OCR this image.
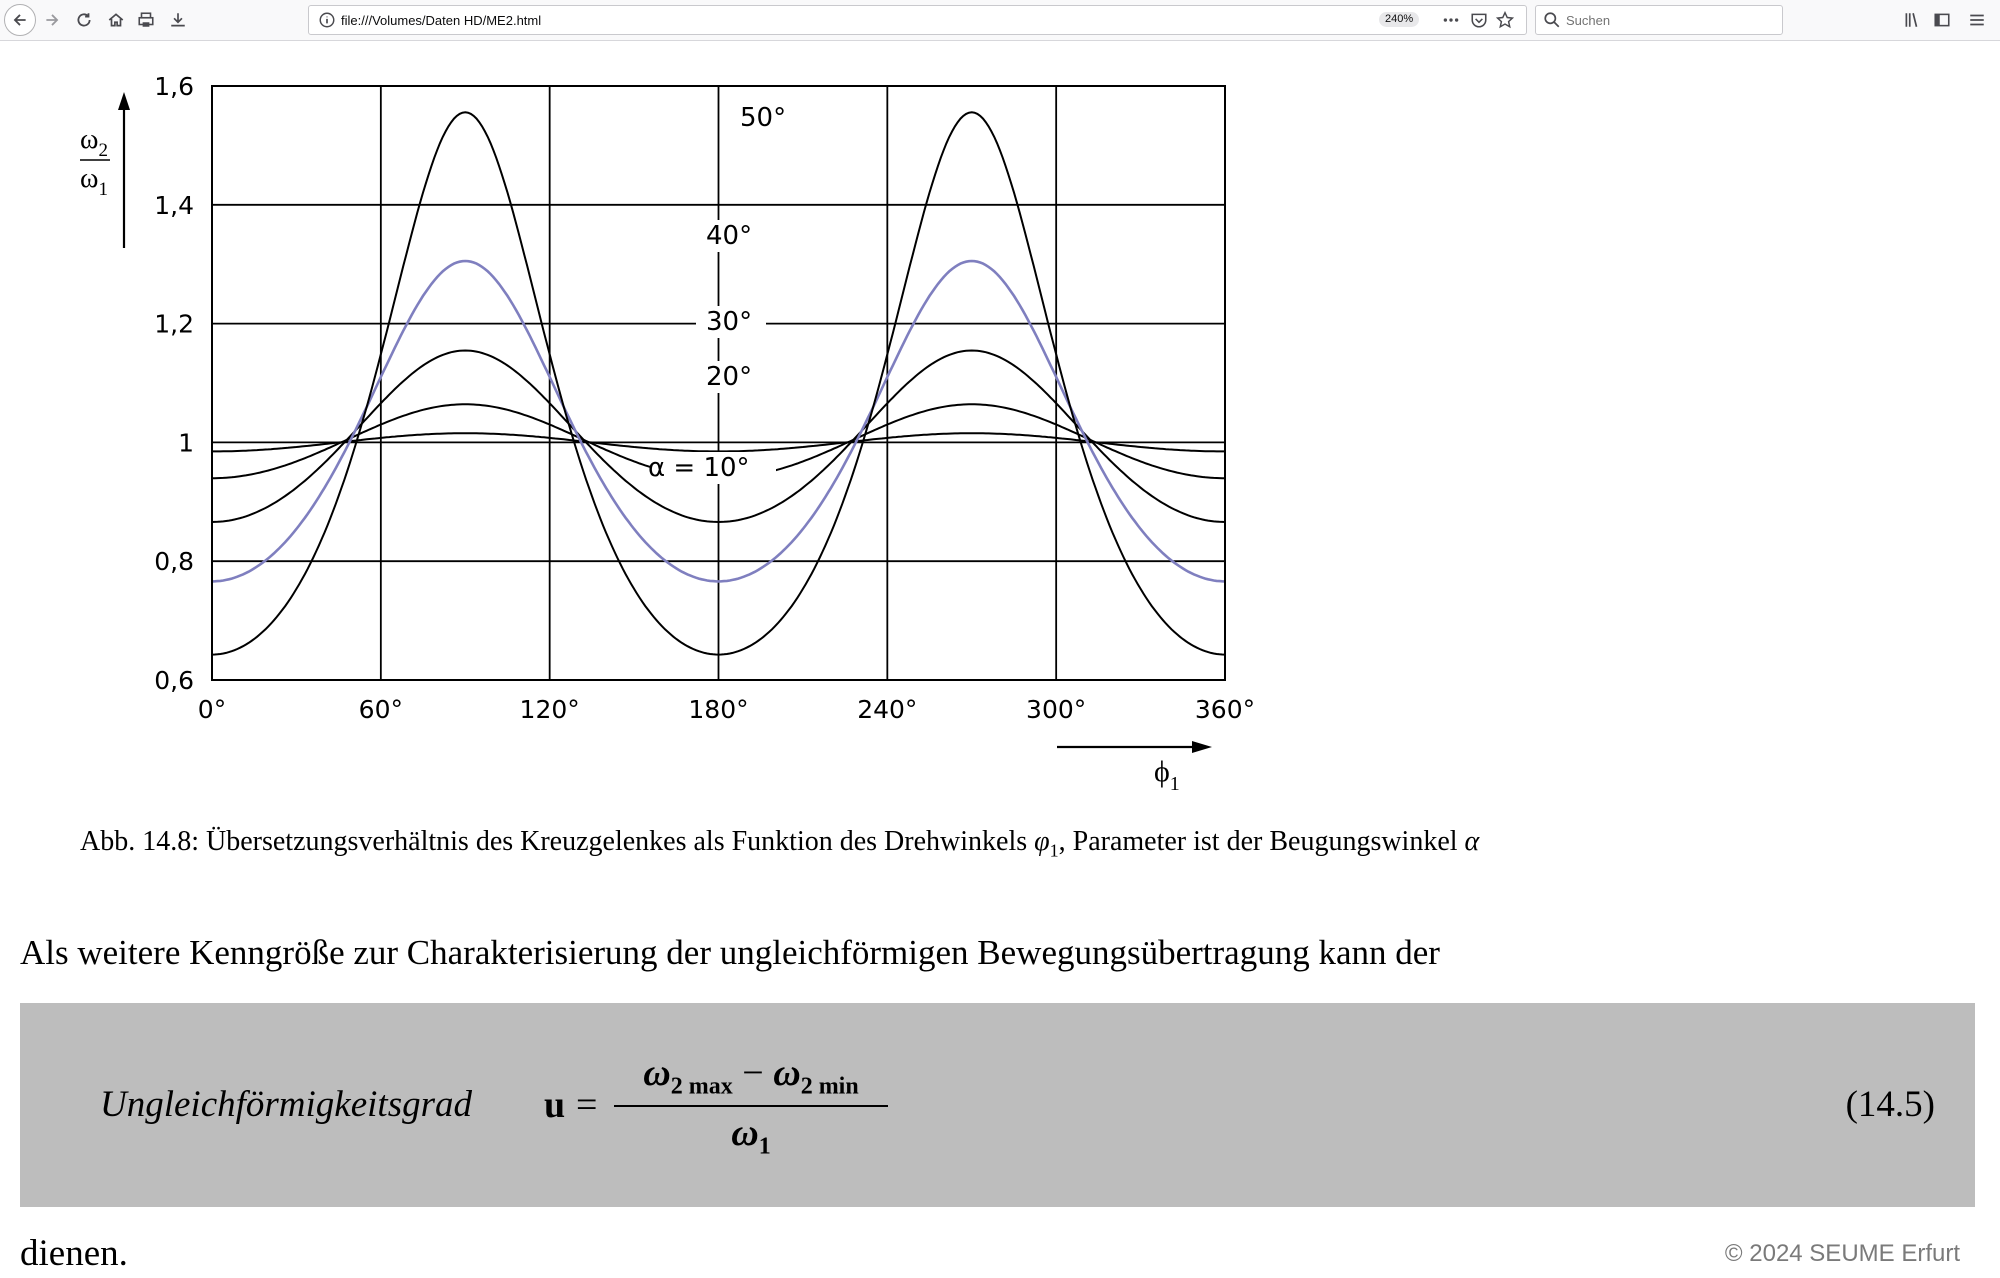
file:///Volumes/Daten HD/ME2.html	240%	Suchen
0°	60°	120°	180°	240°	300°	360°
0,6
0,8
1
1,2
1,4
1,6
α = 10°
20°
30°
40°
50°
$\omega_2$
$\omega_1$
$\phi_1$
Abb. 14.8: Übersetzungsverhältnis des Kreuzgelenkes als Funktion des Drehwinkels $\varphi_1$, Parameter ist der Beugungswinkel α
Als weitere Kenngröße zur Charakterisierung der ungleichförmigen Bewegungsübertragung kann der
Ungleichförmigkeitsgrad u =
$\omega_{2 max} - \omega_{2 min}$
$\omega_1$
(14.5)
dienen.	© 2024 SEUME Erfurt
